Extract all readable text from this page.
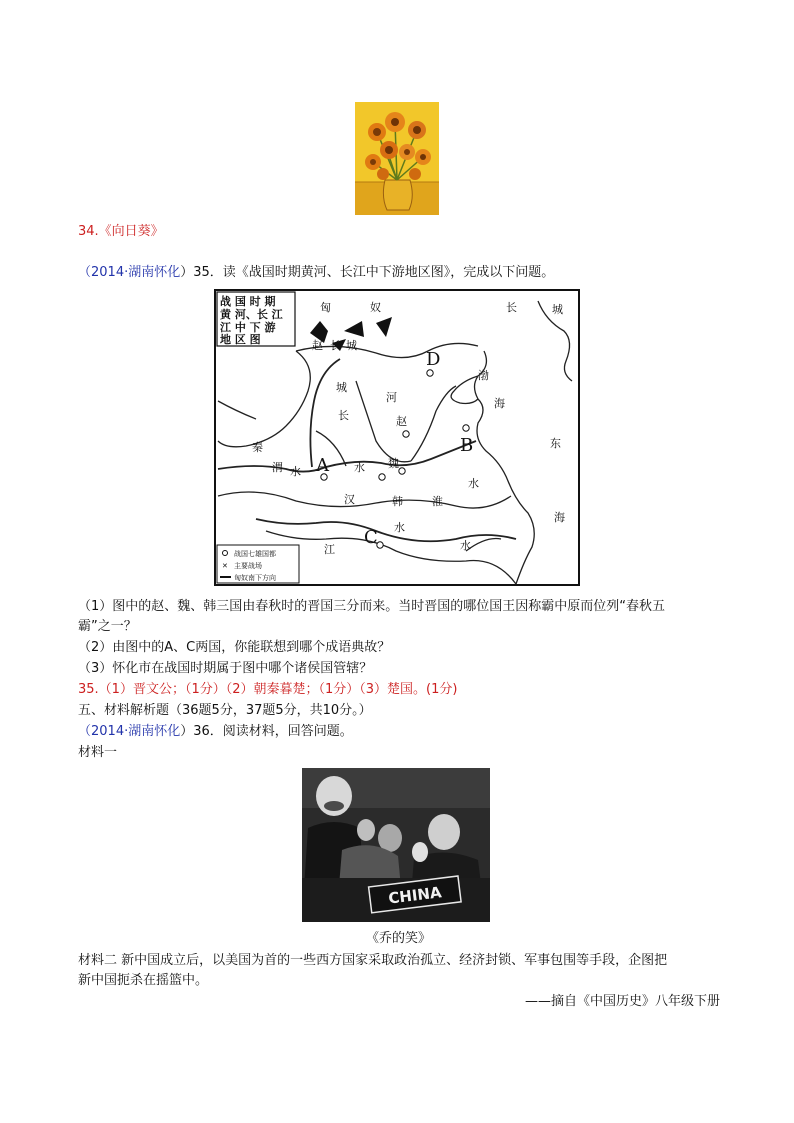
34.《向日葵》
（2014·湖南怀化）35．读《战国时期黄河、长江中下游地区图》，完成以下问题。
战 国 时 期
黄 河、长 江
江 中 下 游
地 区 图
匈	奴	长	城
赵 长 城
渤
海
城
河
长	赵
东
秦
渭 水	水 魏
韩	淮
水
汉
水
江	水
海
D
B
A
C
战国七雄国都
✕ 主要战场
匈奴南下方向
（1）图中的赵、魏、韩三国由春秋时的晋国三分而来。当时晋国的哪位国王因称霸中原而位列“春秋五
霸”之一？
（2）由图中的A、C两国，你能联想到哪个成语典故？
（3）怀化市在战国时期属于图中哪个诸侯国管辖？
35.（1）晋文公；（1分）（2）朝秦暮楚；（1分）（3）楚国。(1分)
五、材料解析题（36题5分，37题5分，共10分。）
（2014·湖南怀化）36．阅读材料，回答问题。
材料一
CHINA
《乔的笑》
材料二 新中国成立后，以美国为首的一些西方国家采取政治孤立、经济封锁、军事包围等手段，企图把
新中国扼杀在摇篮中。
——摘自《中国历史》八年级下册
